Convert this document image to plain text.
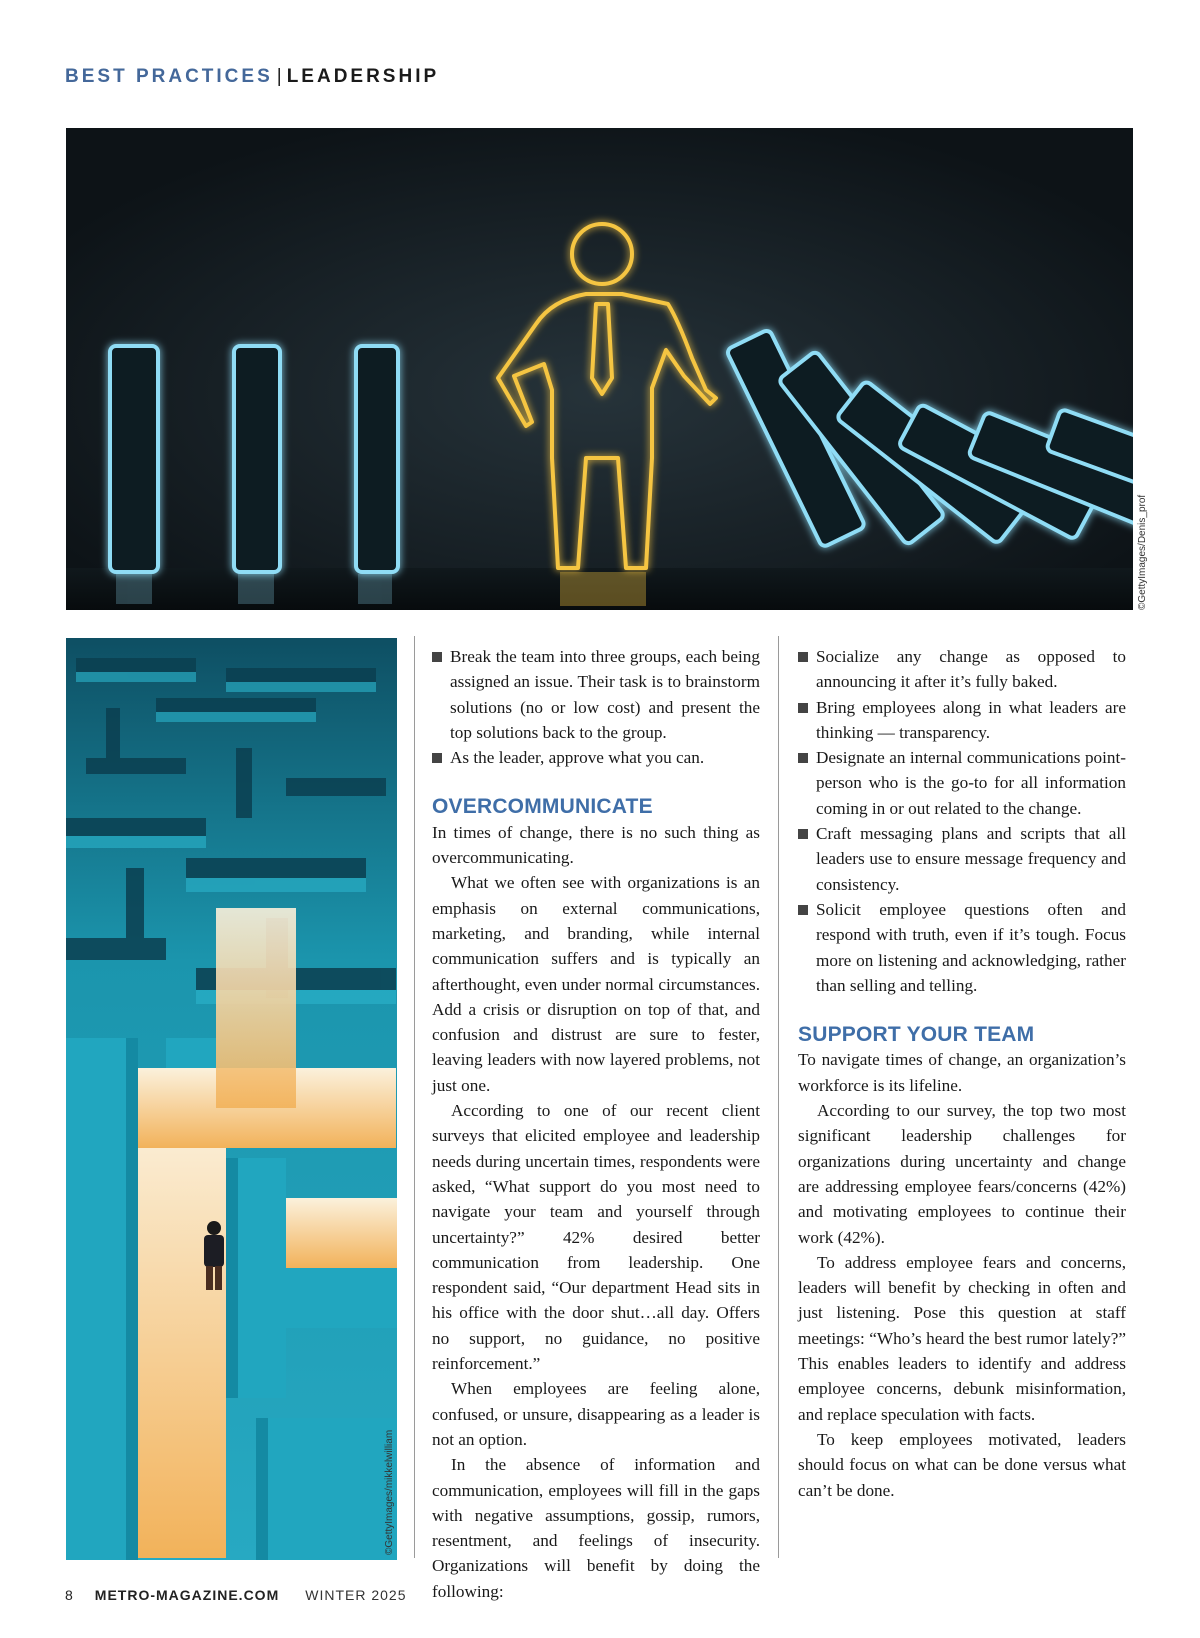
BEST PRACTICES | LEADERSHIP
©GettyImages/Denis_prof
©GettyImages/mikkelwilliam
Break the team into three groups, each being assigned an issue. Their task is to brainstorm solutions (no or low cost) and present the top solutions back to the group.
As the leader, approve what you can.
OVERCOMMUNICATE

In times of change, there is no such thing as overcommunicating.

What we often see with organizations is an emphasis on external communications, marketing, and branding, while internal communication suffers and is typically an afterthought, even under normal circumstances. Add a crisis or disruption on top of that, and confusion and distrust are sure to fester, leaving leaders with now layered problems, not just one.

According to one of our recent client surveys that elicited employee and leadership needs during uncertain times, respondents were asked, “What support do you most need to navigate your team and yourself through uncertainty?” 42% desired better communication from leadership. One respondent said, “Our department Head sits in his office with the door shut…all day. Offers no support, no guidance, no positive reinforcement.”

When employees are feeling alone, confused, or unsure, disappearing as a leader is not an option.

In the absence of information and communication, employees will fill in the gaps with negative assumptions, gossip, rumors, resentment, and feelings of insecurity. Organizations will benefit by doing the following:

Socialize any change as opposed to announcing it after it’s fully baked.
Bring employees along in what leaders are thinking — transparency.
Designate an internal communications point-person who is the go-to for all information coming in or out related to the change.
Craft messaging plans and scripts that all leaders use to ensure message frequency and consistency.
Solicit employee questions often and respond with truth, even if it’s tough. Focus more on listening and acknowledging, rather than selling and telling.
SUPPORT YOUR TEAM

To navigate times of change, an organization’s workforce is its lifeline.

According to our survey, the top two most significant leadership challenges for organizations during uncertainty and change are addressing employee fears/concerns (42%) and motivating employees to continue their work (42%).

To address employee fears and concerns, leaders will benefit by checking in often and just listening. Pose this question at staff meetings: “Who’s heard the best rumor lately?” This enables leaders to identify and address employee concerns, debunk misinformation, and replace speculation with facts.

To keep employees motivated, leaders should focus on what can be done versus what can’t be done.

8 METRO-MAGAZINE.COM WINTER 2025
